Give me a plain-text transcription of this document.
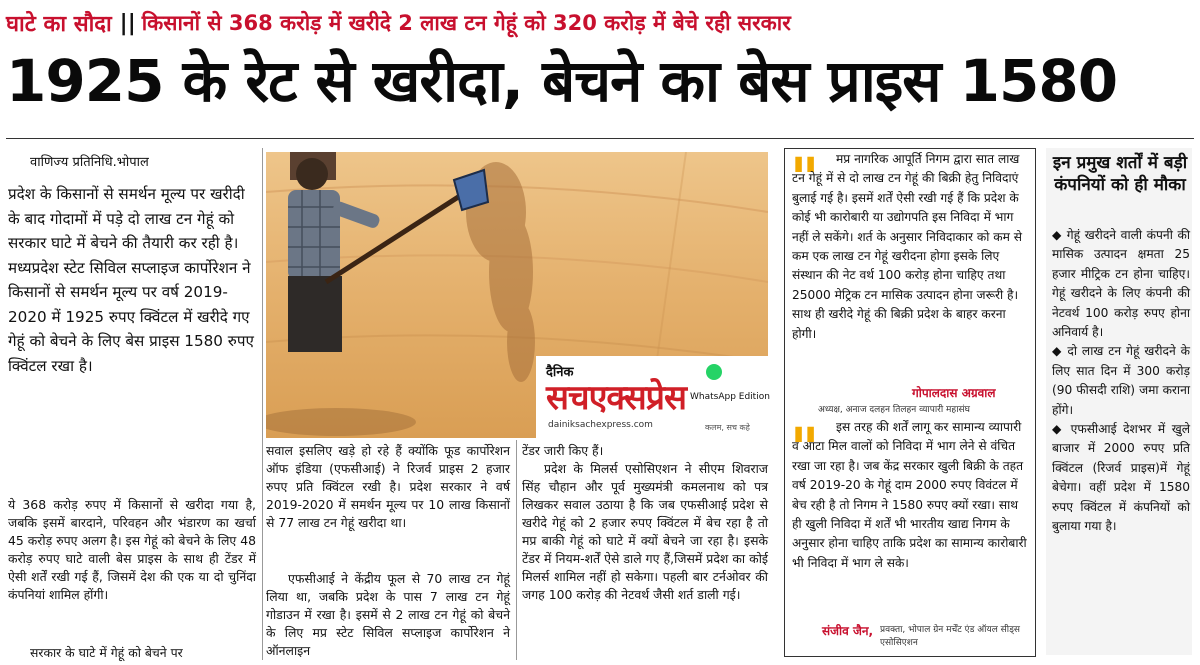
घाटे का सौदा || किसानों से 368 करोड़ में खरीदे 2 लाख टन गेहूं को 320 करोड़ में बेचे रही सरकार
1925 के रेट से खरीदा, बेचने का बेस प्राइस 1580
वाणिज्य प्रतिनिधि.भोपाल
प्रदेश के किसानों से समर्थन मूल्य पर खरीदी के बाद गोदामों में पड़े दो लाख टन गेहूं को सरकार घाटे में बेचने की तैयारी कर रही है। मध्यप्रदेश स्टेट सिविल सप्लाइज कार्पोरेशन ने किसानों से समर्थन मूल्य पर वर्ष 2019-2020 में 1925 रुपए क्विंटल में खरीदे गए गेहूं को बेचने के लिए बेस प्राइस 1580 रुपए क्विंटल रखा है।
ये 368 करोड़ रुपए में किसानों से खरीदा गया है, जबकि इसमें बारदाने, परिवहन और भंडारण का खर्चा 45 करोड़ रुपए अलग है। इस गेहूं को बेचने के लिए 48 करोड़ रुपए घाटे वाली बेस प्राइस के साथ ही टेंडर में ऐसी शर्तें रखी गई हैं, जिसमें देश की एक या दो चुनिंदा कंपनियां शामिल होंगी।
सरकार के घाटे में गेहूं को बेचने पर
दैनिक
सचएक्सप्रेस
dainiksachexpress.com
WhatsApp Edition
कलम, सच कहे
सवाल इसलिए खड़े हो रहे हैं क्योंकि फूड कार्पोरेशन ऑफ इंडिया (एफसीआई) ने रिजर्व प्राइस 2 हजार रुपए प्रति क्विंटल रखी है। प्रदेश सरकार ने वर्ष 2019-2020 में समर्थन मूल्य पर 10 लाख किसानों से 77 लाख टन गेहूं खरीदा था।
एफसीआई ने केंद्रीय फूल से 70 लाख टन गेहूं लिया था, जबकि प्रदेश के पास 7 लाख टन गेहूं गोडाउन में रखा है। इसमें से 2 लाख टन गेहूं को बेचने के लिए मप्र स्टेट सिविल सप्लाइज कार्पोरेशन ने ऑनलाइन
टेंडर जारी किए हैं।
प्रदेश के मिलर्स एसोसिएशन ने सीएम शिवराज सिंह चौहान और पूर्व मुख्यमंत्री कमलनाथ को पत्र लिखकर सवाल उठाया है कि जब एफसीआई प्रदेश से खरीदे गेहूं को 2 हजार रुपए क्विंटल में बेच रहा है तो मप्र बाकी गेहूं को घाटे में क्यों बेचने जा रहा है। इसके टेंडर में नियम-शर्तें ऐसे डाले गए हैं,जिसमें प्रदेश का कोई मिलर्स शामिल नहीं हो सकेगा। पहली बार टर्नओवर की जगह 100 करोड़ की नेटवर्थ जैसी शर्त डाली गई।
"	मप्र नागरिक आपूर्ति निगम द्वारा सात लाख टन गेहूं में से दो लाख टन गेहूं की बिक्री हेतु निविदाएं बुलाई गई है। इसमें शर्तें ऐसी रखी गई हैं कि प्रदेश के कोई भी कारोबारी या उद्योगपति इस निविदा में भाग नहीं ले सकेंगे। शर्त के अनुसार निविदाकार को कम से कम एक लाख टन गेहूं खरीदना होगा इसके लिए संस्थान की नेट वर्थ 100 करोड़ होना चाहिए तथा 25000 मेट्रिक टन मासिक उत्पादन होना जरूरी है। साथ ही खरीदे गेहूं की बिक्री प्रदेश के बाहर करना होगी।
गोपालदास अग्रवाल
अध्यक्ष, अनाज दलहन तिलहन व्यापारी महासंघ
"	इस तरह की शर्तें लागू कर सामान्य व्यापारी व आटा मिल वालों को निविदा में भाग लेने से वंचित रखा जा रहा है। जब केंद्र सरकार खुली बिक्री के तहत वर्ष 2019-20 के गेहूं दाम 2000 रुपए विवंटल में बेच रही है तो निगम ने 1580 रुपए क्यों रखा। साथ ही खुली निविदा में शर्तें भी भारतीय खाद्य निगम के अनुसार होना चाहिए ताकि प्रदेश का सामान्य कारोबारी भी निविदा में भाग ले सके।
संजीव जैन, प्रवक्ता, भोपाल ग्रेन मर्चेंट एंड ऑयल सीड्स एसोसिएशन
इन प्रमुख शर्तों में बड़ी कंपनियों को ही मौका
◆ गेहूं खरीदने वाली कंपनी की मासिक उत्पादन क्षमता 25 हजार मीट्रिक टन होना चाहिए। गेहूं खरीदने के लिए कंपनी की नेटवर्थ 100 करोड़ रुपए होना अनिवार्य है।
◆ दो लाख टन गेहूं खरीदने के लिए सात दिन में 300 करोड़ (90 फीसदी राशि) जमा कराना होंगे।
◆ एफसीआई देशभर में खुले बाजार में 2000 रुपए प्रति क्विंटल (रिजर्व प्राइस)में गेहूं बेचेगा। वहीं प्रदेश में 1580 रुपए क्विंटल में कंपनियों को बुलाया गया है।
